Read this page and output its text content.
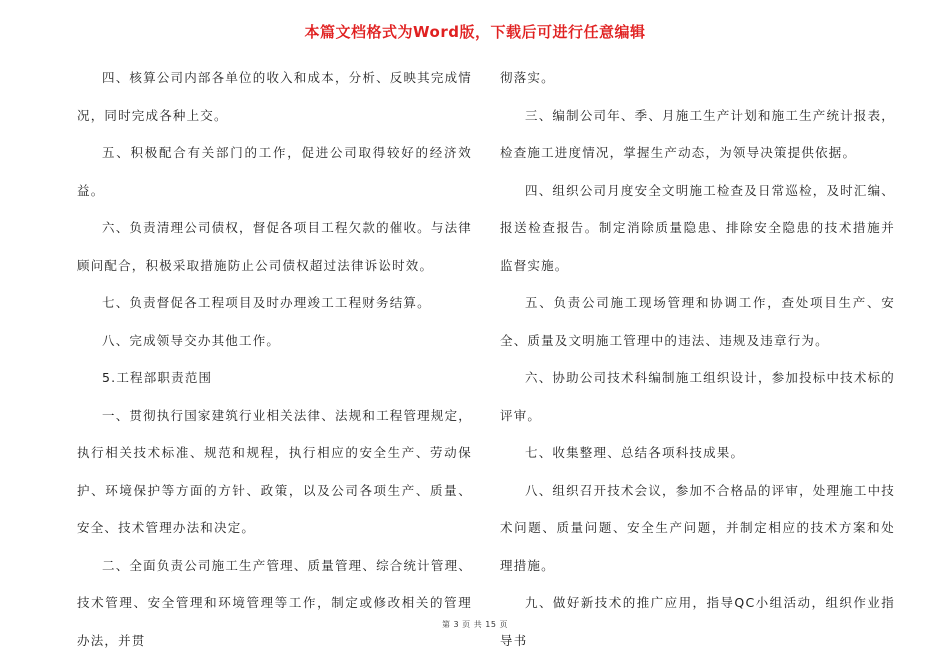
本篇文档格式为Word版，下载后可进行任意编辑

四、核算公司内部各单位的收入和成本，分析、反映其完成情况，同时完成各种上交。

五、积极配合有关部门的工作，促进公司取得较好的经济效益。

六、负责清理公司债权，督促各项目工程欠款的催收。与法律顾问配合，积极采取措施防止公司债权超过法律诉讼时效。

七、负责督促各工程项目及时办理竣工工程财务结算。

八、完成领导交办其他工作。

5.工程部职责范围

一、贯彻执行国家建筑行业相关法律、法规和工程管理规定，执行相关技术标准、规范和规程，执行相应的安全生产、劳动保护、环境保护等方面的方针、政策，以及公司各项生产、质量、安全、技术管理办法和决定。

二、全面负责公司施工生产管理、质量管理、综合统计管理、技术管理、安全管理和环境管理等工作，制定或修改相关的管理办法，并贯

彻落实。

三、编制公司年、季、月施工生产计划和施工生产统计报表，检查施工进度情况，掌握生产动态，为领导决策提供依据。

四、组织公司月度安全文明施工检查及日常巡检，及时汇编、报送检查报告。制定消除质量隐患、排除安全隐患的技术措施并监督实施。

五、负责公司施工现场管理和协调工作，查处项目生产、安全、质量及文明施工管理中的违法、违规及违章行为。

六、协助公司技术科编制施工组织设计，参加投标中技术标的评审。

七、收集整理、总结各项科技成果。

八、组织召开技术会议，参加不合格品的评审，处理施工中技术问题、质量问题、安全生产问题，并制定相应的技术方案和处理措施。

九、做好新技术的推广应用，指导QC小组活动，组织作业指导书

第 3 页 共 15 页
